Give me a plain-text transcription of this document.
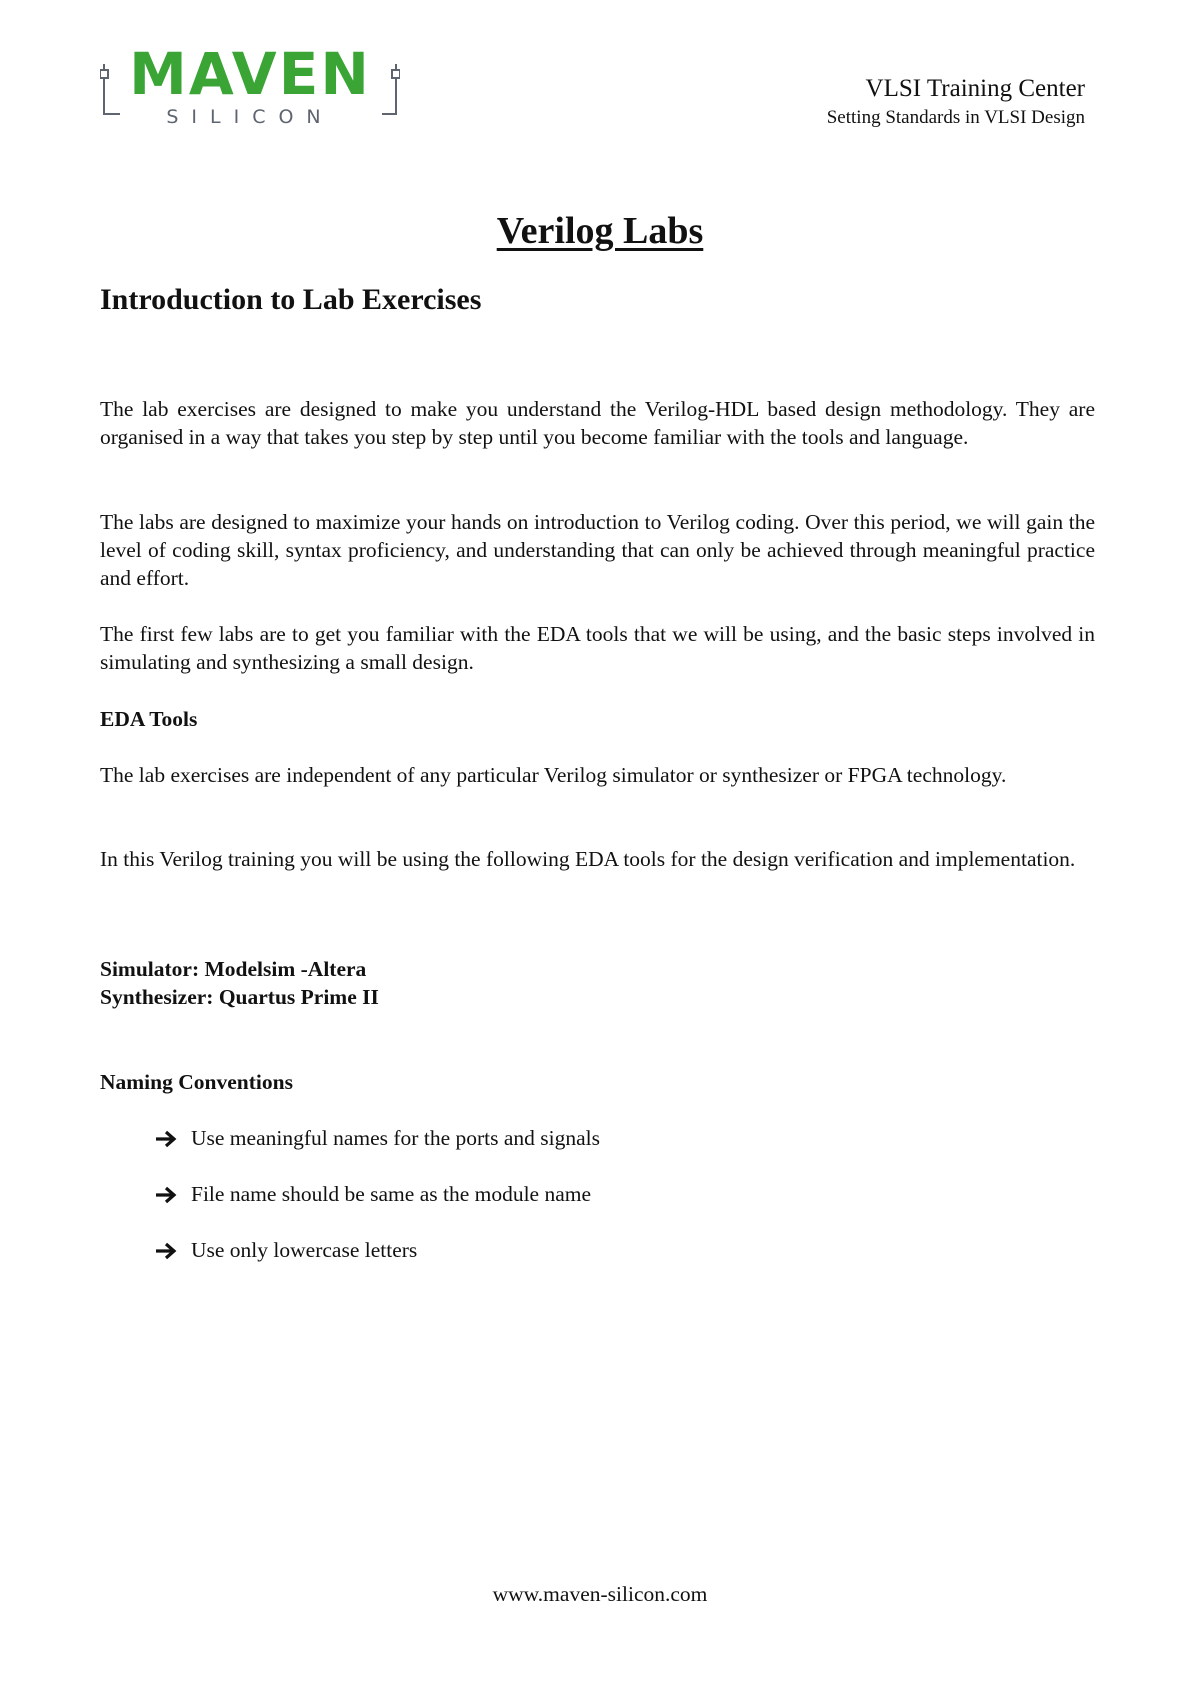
MAVEN
SILICON
VLSI Training Center
Setting Standards in VLSI Design
Verilog Labs
Introduction to Lab Exercises

The lab exercises are designed to make you understand the Verilog-HDL based design methodology. They are organised in a way that takes you step by step until you become familiar with the tools and language.

The labs are designed to maximize your hands on introduction to Verilog coding. Over this period, we will gain the level of coding skill, syntax proficiency, and understanding that can only be achieved through meaningful practice and effort.

The first few labs are to get you familiar with the EDA tools that we will be using, and the basic steps involved in simulating and synthesizing a small design.

EDA Tools

The lab exercises are independent of any particular Verilog simulator or synthesizer or FPGA technology.

In this Verilog training you will be using the following EDA tools for the design verification and implementation.

Simulator: Modelsim -Altera
Synthesizer: Quartus Prime II
Naming Conventions
Use meaningful names for the ports and signals
File name should be same as the module name
Use only lowercase letters
www.maven-silicon.com
